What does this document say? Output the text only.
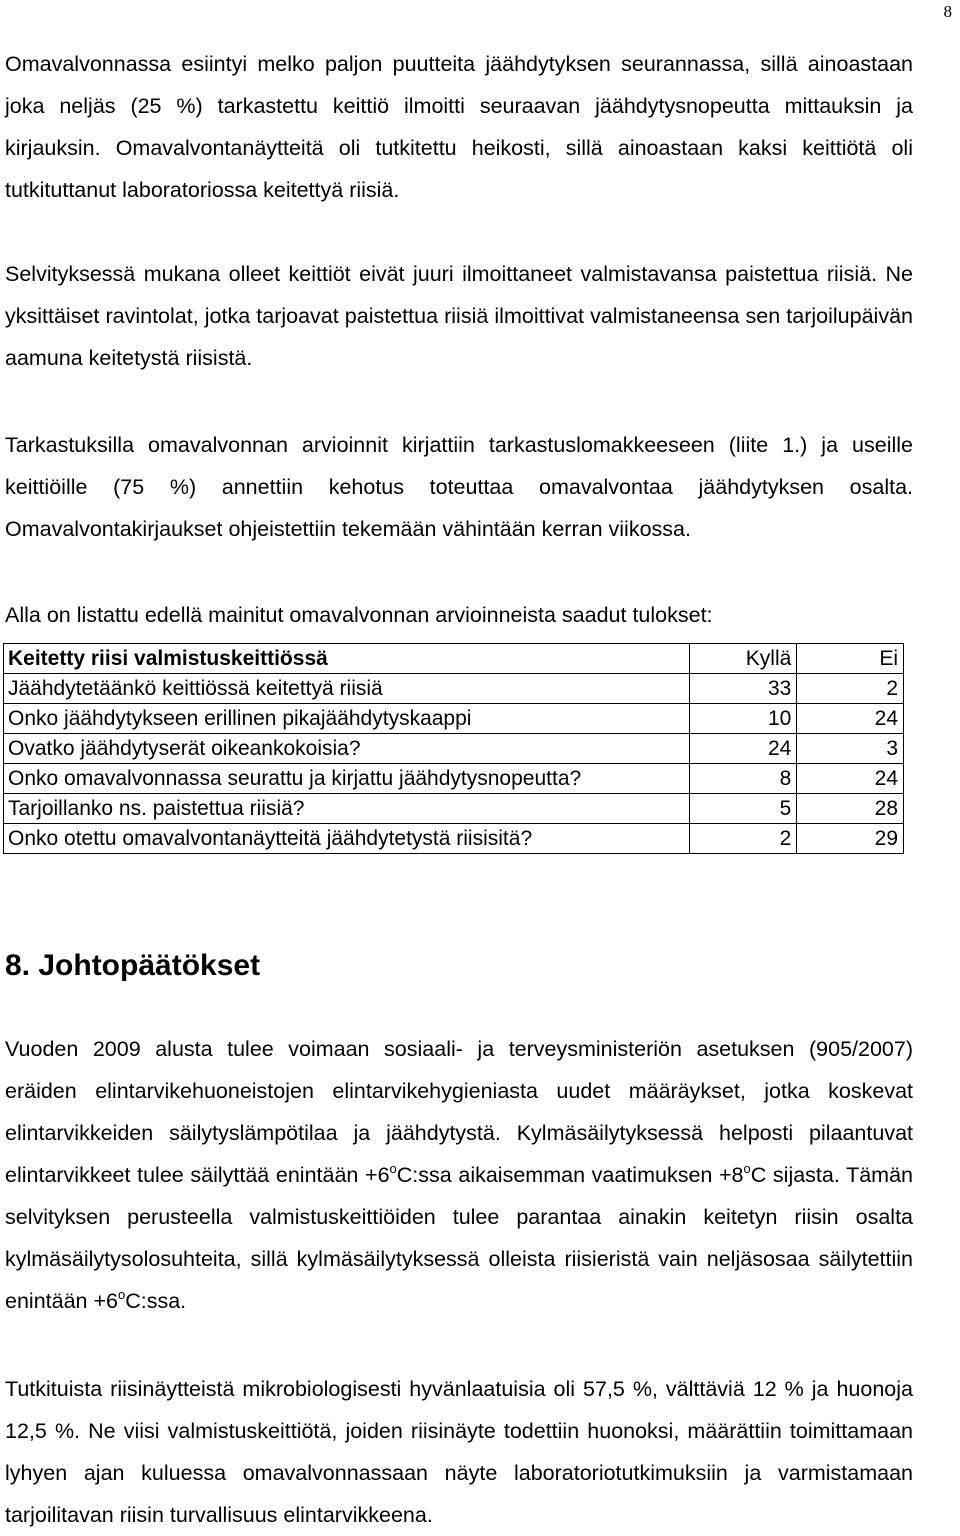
8

Omavalvonnassa esiintyi melko paljon puutteita jäähdytyksen seurannassa, sillä ainoastaan joka neljäs (25 %) tarkastettu keittiö ilmoitti seuraavan jäähdytysnopeutta mittauksin ja kirjauksin. Omavalvontanäytteitä oli tutkitettu heikosti, sillä ainoastaan kaksi keittiötä oli tutkituttanut laboratoriossa keitettyä riisiä.

Selvityksessä mukana olleet keittiöt eivät juuri ilmoittaneet valmistavansa paistettua riisiä. Ne yksittäiset ravintolat, jotka tarjoavat paistettua riisiä ilmoittivat valmistaneensa sen tarjoilupäivän aamuna keitetystä riisistä.

Tarkastuksilla omavalvonnan arvioinnit kirjattiin tarkastuslomakkeeseen (liite 1.) ja useille keittiöille (75 %) annettiin kehotus toteuttaa omavalvontaa jäähdytyksen osalta. Omavalvontakirjaukset ohjeistettiin tekemään vähintään kerran viikossa.

Alla on listattu edellä mainitut omavalvonnan arvioinneista saadut tulokset:

Keitetty riisi valmistuskeittiössä	Kyllä	Ei
Jäähdytetäänkö keittiössä keitettyä riisiä	33	2
Onko jäähdytykseen erillinen pikajäähdytyskaappi	10	24
Ovatko jäähdytyserät oikeankokoisia?	24	3
Onko omavalvonnassa seurattu ja kirjattu jäähdytysnopeutta?	8	24
Tarjoillanko ns. paistettua riisiä?	5	28
Onko otettu omavalvontanäytteitä jäähdytetystä riisisitä?	2	29
8. Johtopäätökset

Vuoden 2009 alusta tulee voimaan sosiaali- ja terveysministeriön asetuksen (905/2007) eräiden elintarvikehuoneistojen elintarvikehygieniasta uudet määräykset, jotka koskevat elintarvikkeiden säilytyslämpötilaa ja jäähdytystä. Kylmäsäilytyksessä helposti pilaantuvat elintarvikkeet tulee säilyttää enintään $+6^oC:ssa$ aikaisemman vaatimuksen $+8^oC$ sijasta. Tämän selvityksen perusteella valmistuskeittiöiden tulee parantaa ainakin keitetyn riisin osalta kylmäsäilytysolosuhteita, sillä kylmäsäilytyksessä olleista riisieristä vain neljäsosaa säilytettiin enintään $+6^oC:ssa$.

Tutkituista riisinäytteistä mikrobiologisesti hyvänlaatuisia oli 57,5 %, välttäviä 12 % ja huonoja 12,5 %. Ne viisi valmistuskeittiötä, joiden riisinäyte todettiin huonoksi, määrättiin toimittamaan lyhyen ajan kuluessa omavalvonnassaan näyte laboratoriotutkimuksiin ja varmistamaan tarjoilitavan riisin turvallisuus elintarvikkeena.
